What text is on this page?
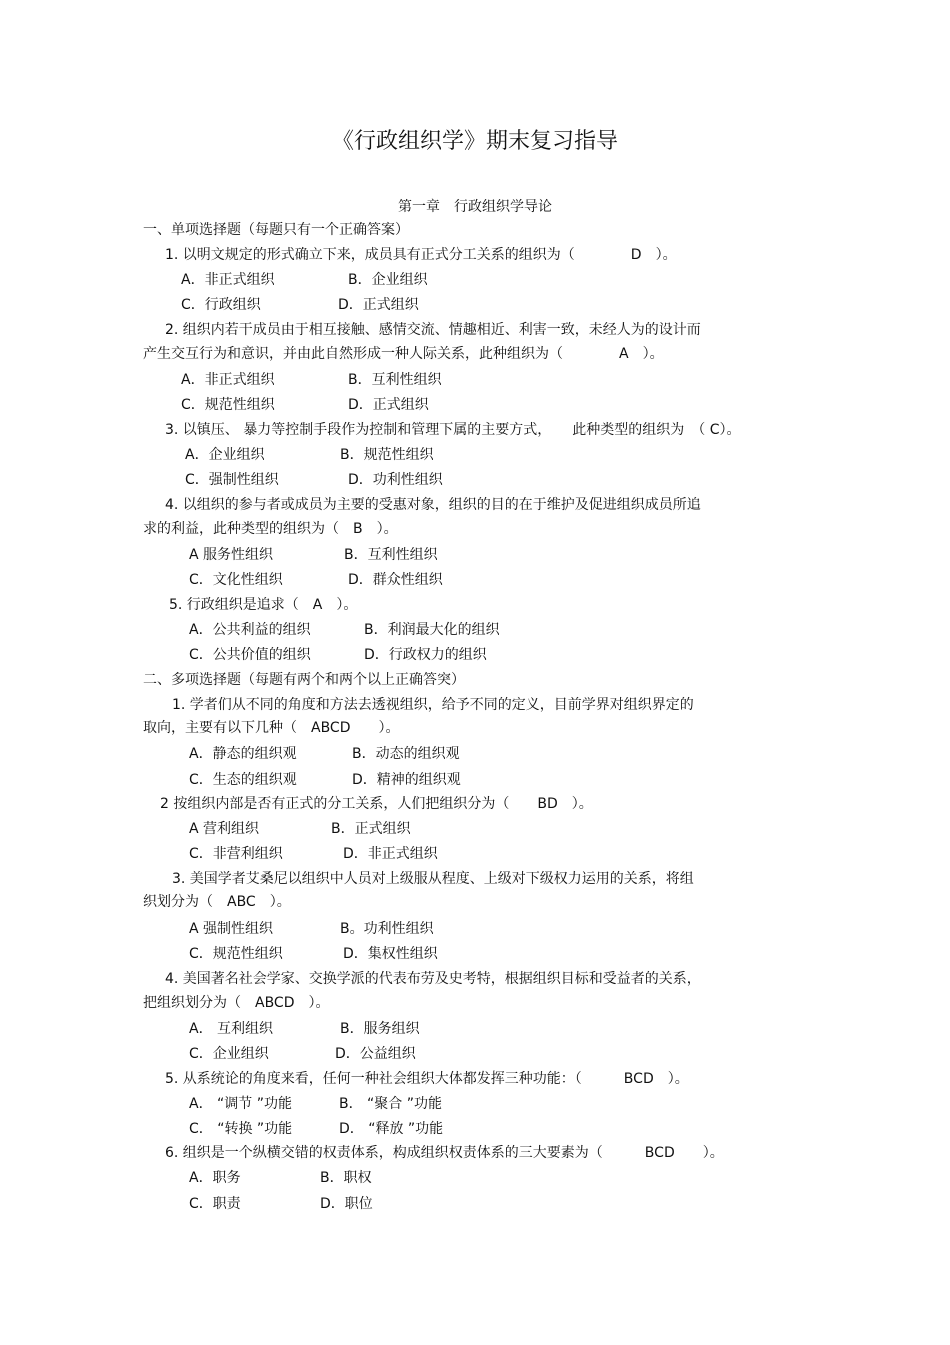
《行政组织学》期末复习指导
第一章　行政组织学导论
一、单项选择题（每题只有一个正确答案）
二、多项选择题（每题有两个和两个以上正确答突）
1. 以明文规定的形式确立下来，成员具有正式分工关系的组织为（　　　　D　）。
A．非正式组织	B．企业组织
C．行政组织	D．正式组织
2. 组织内若干成员由于相互接触、感情交流、情趣相近、利害一致，未经人为的设计而
产生交互行为和意识，并由此自然形成一种人际关系，此种组织为（　　　　A　）。
A．非正式组织	B．互利性组织
C．规范性组织	D．正式组织
3. 以镇压、 暴力等控制手段作为控制和管理下属的主要方式，　　此种类型的组织为　（ C）。
A．企业组织	B．规范性组织
C．强制性组织	D．功利性组织
4. 以组织的参与者或成员为主要的受惠对象，组织的目的在于维护及促进组织成员所追
求的利益，此种类型的组织为（　B　）。
A 服务性组织	B．互利性组织
C．文化性组织	D．群众性组织
5. 行政组织是追求（　A　）。
A．公共利益的组织	B．利润最大化的组织
C．公共价值的组织	D．行政权力的组织
1. 学者们从不同的角度和方法去透视组织，给予不同的定义，目前学界对组织界定的
取向，主要有以下几种（　ABCD　　）。
A．静态的组织观	B．动态的组织观
C．生态的组织观	D．精神的组织观
2 按组织内部是否有正式的分工关系，人们把组织分为（　　BD　）。
A 营利组织	B．正式组织
C．非营利组织	D．非正式组织
3. 美国学者艾桑尼以组织中人员对上级服从程度、上级对下级权力运用的关系，将组
织划分为（　ABC　）。
A 强制性组织	B。功利性组织
C．规范性组织	D．集权性组织
4. 美国著名社会学家、交换学派的代表布劳及史考特，根据组织目标和受益者的关系，
把组织划分为（　ABCD　）。
A． 互利组织	B．服务组织
C．企业组织	D．公益组织
5. 从系统论的角度来看，任何一种社会组织大体都发挥三种功能：（　　　BCD　）。
A． “调节 ”功能	B． “聚合 ”功能
C． “转换 ”功能	D． “释放 ”功能
6. 组织是一个纵横交错的权责体系，构成组织权责体系的三大要素为（　　　BCD　　）。
A．职务	B．职权
C．职责	D．职位
